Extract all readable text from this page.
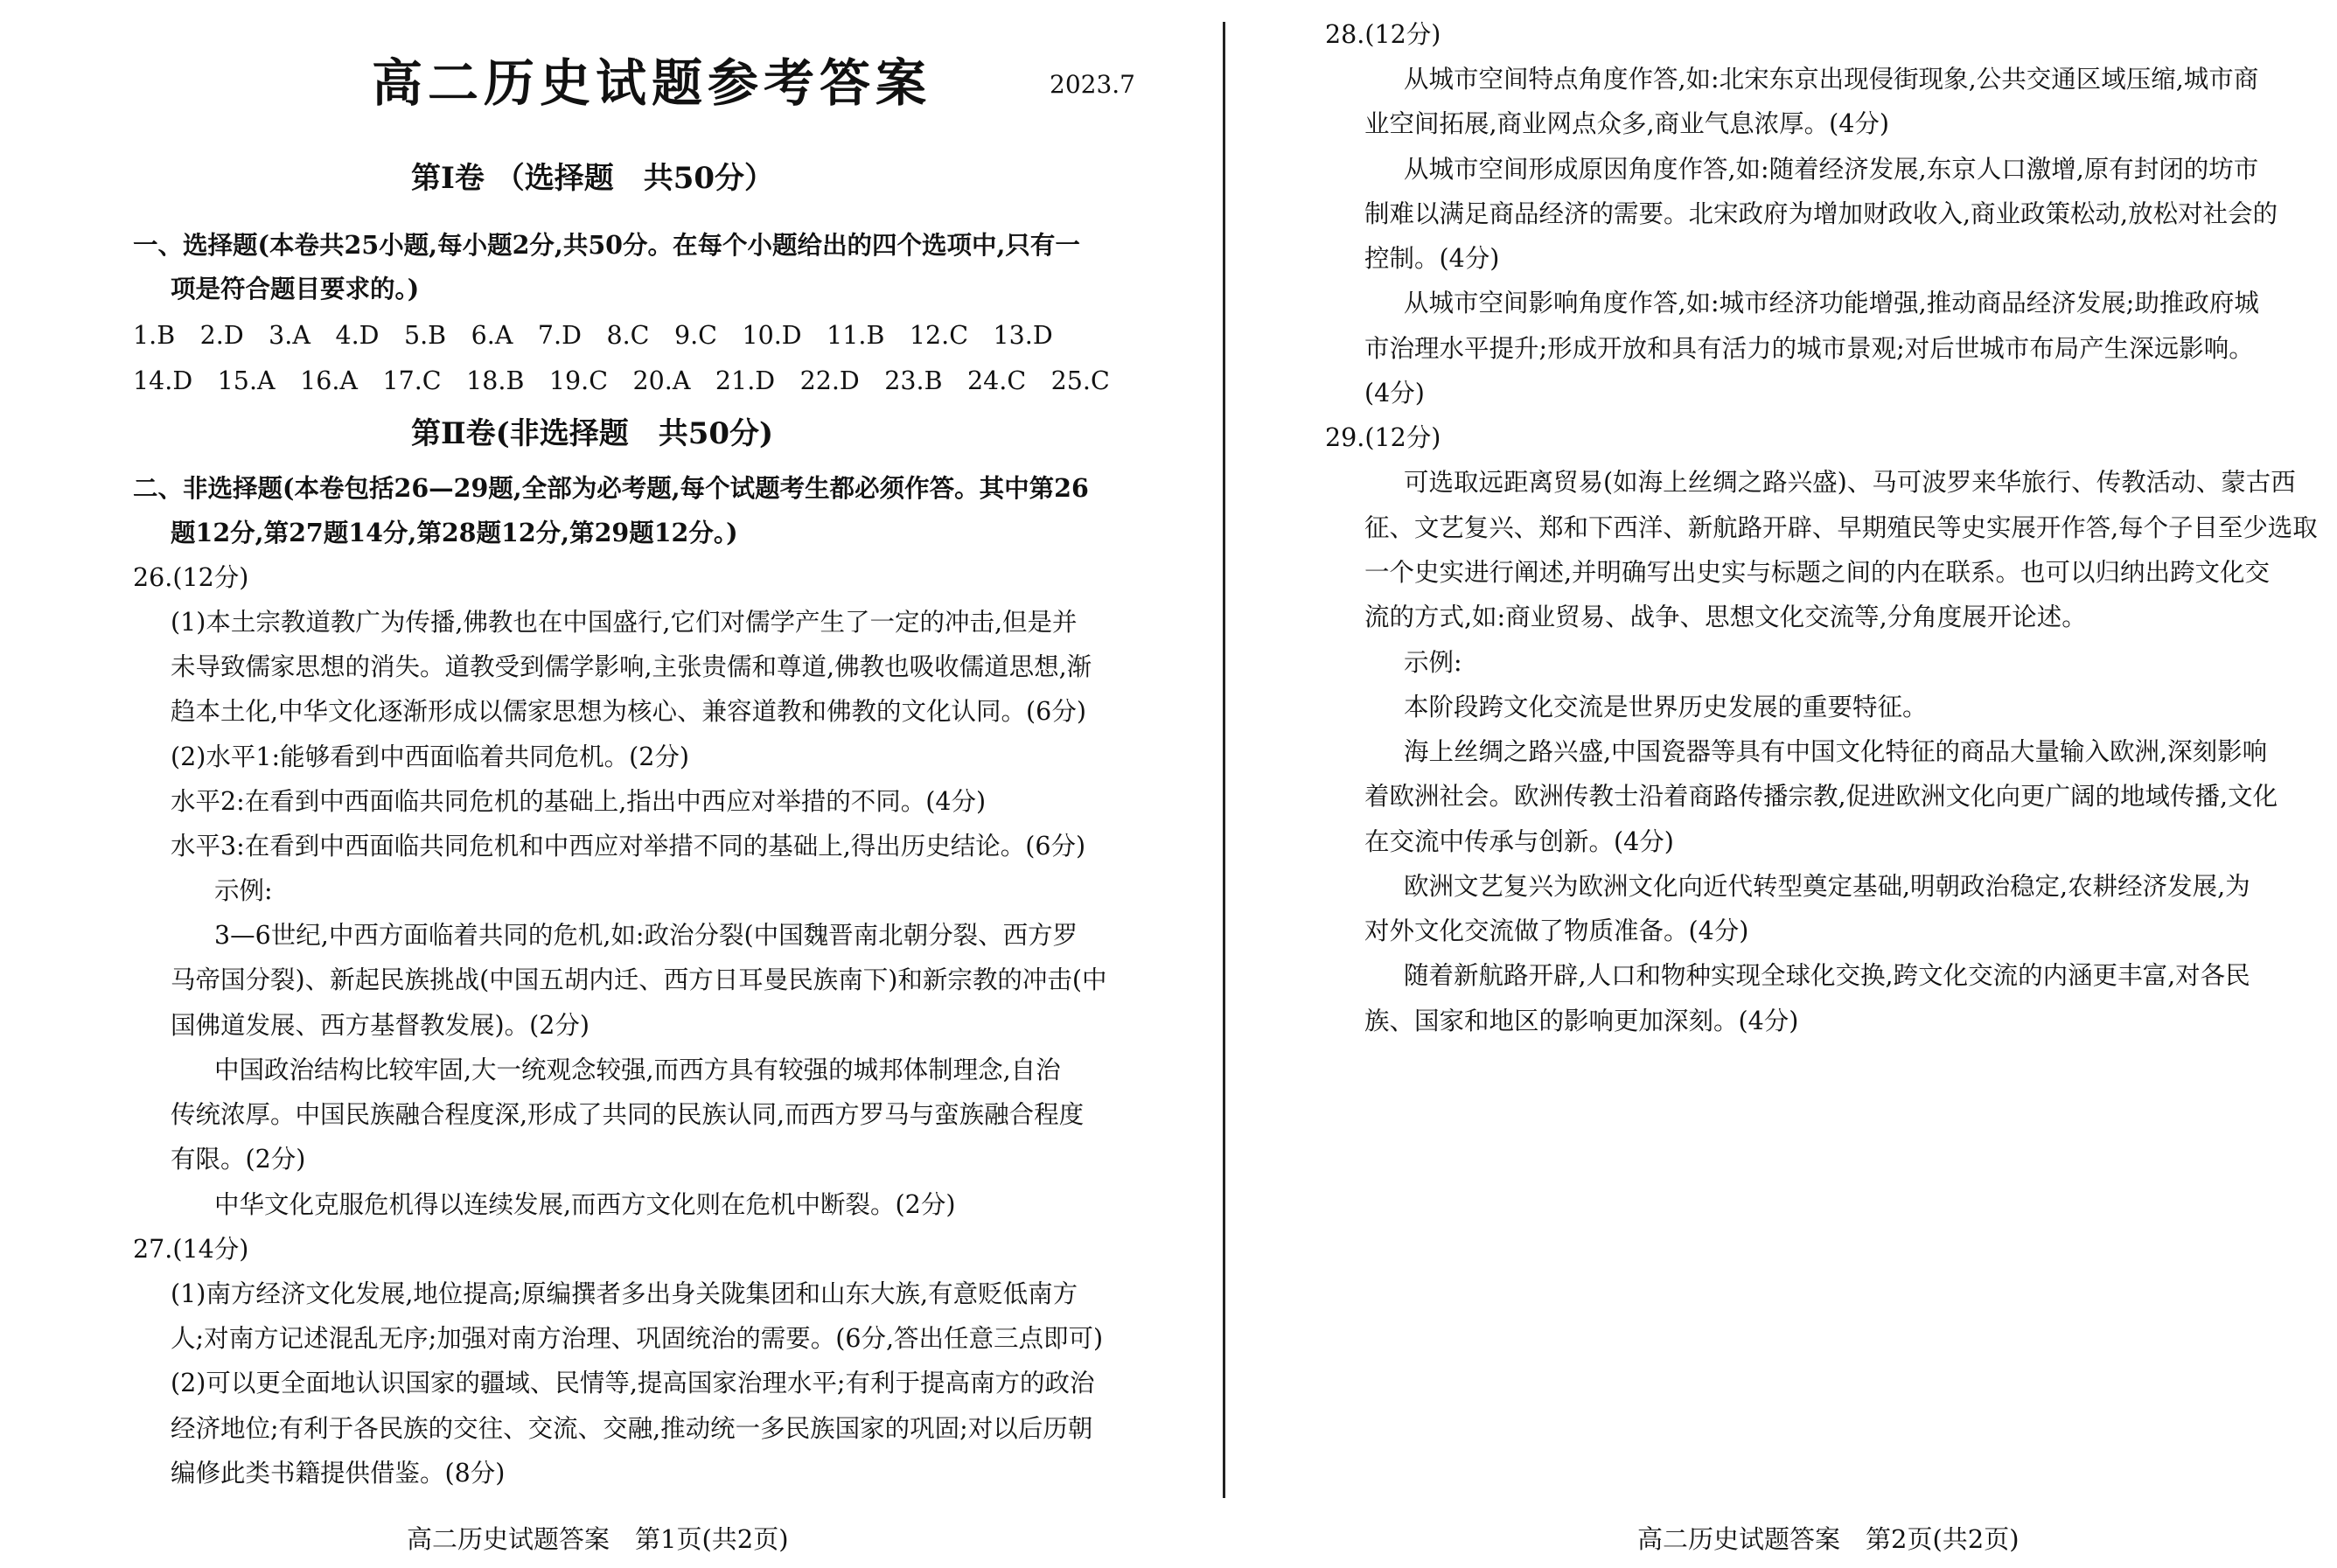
高二历史试题参考答案	2023.7
第Ⅰ卷 （选择题　共50分）
一、选择题(本卷共25小题,每小题2分,共50分。在每个小题给出的四个选项中,只有一
项是符合题目要求的。)
1.B　2.D　3.A　4.D　5.B　6.A　7.D　8.C　9.C　10.D　11.B　12.C　13.D
14.D　15.A　16.A　17.C　18.B　19.C　20.A　21.D　22.D　23.B　24.C　25.C
第Ⅱ卷(非选择题　共50分)
二、非选择题(本卷包括26—29题,全部为必考题,每个试题考生都必须作答。其中第26
题12分,第27题14分,第28题12分,第29题12分。)
26.(12分)
(1)本土宗教道教广为传播,佛教也在中国盛行,它们对儒学产生了一定的冲击,但是并
未导致儒家思想的消失。道教受到儒学影响,主张贵儒和尊道,佛教也吸收儒道思想,渐
趋本土化,中华文化逐渐形成以儒家思想为核心、兼容道教和佛教的文化认同。(6分)
(2)水平1:能够看到中西面临着共同危机。(2分)
水平2:在看到中西面临共同危机的基础上,指出中西应对举措的不同。(4分)
水平3:在看到中西面临共同危机和中西应对举措不同的基础上,得出历史结论。(6分)
示例:
3—6世纪,中西方面临着共同的危机,如:政治分裂(中国魏晋南北朝分裂、西方罗
马帝国分裂)、新起民族挑战(中国五胡内迁、西方日耳曼民族南下)和新宗教的冲击(中
国佛道发展、西方基督教发展)。(2分)
中国政治结构比较牢固,大一统观念较强,而西方具有较强的城邦体制理念,自治
传统浓厚。中国民族融合程度深,形成了共同的民族认同,而西方罗马与蛮族融合程度
有限。(2分)
中华文化克服危机得以连续发展,而西方文化则在危机中断裂。(2分)
27.(14分)
(1)南方经济文化发展,地位提高;原编撰者多出身关陇集团和山东大族,有意贬低南方
人;对南方记述混乱无序;加强对南方治理、巩固统治的需要。(6分,答出任意三点即可)
(2)可以更全面地认识国家的疆域、民情等,提高国家治理水平;有利于提高南方的政治
经济地位;有利于各民族的交往、交流、交融,推动统一多民族国家的巩固;对以后历朝
编修此类书籍提供借鉴。(8分)
高二历史试题答案　第1页(共2页)
28.(12分)
从城市空间特点角度作答,如:北宋东京出现侵街现象,公共交通区域压缩,城市商
业空间拓展,商业网点众多,商业气息浓厚。(4分)
从城市空间形成原因角度作答,如:随着经济发展,东京人口激增,原有封闭的坊市
制难以满足商品经济的需要。北宋政府为增加财政收入,商业政策松动,放松对社会的
控制。(4分)
从城市空间影响角度作答,如:城市经济功能增强,推动商品经济发展;助推政府城
市治理水平提升;形成开放和具有活力的城市景观;对后世城市布局产生深远影响。
(4分)
29.(12分)
可选取远距离贸易(如海上丝绸之路兴盛)、马可波罗来华旅行、传教活动、蒙古西
征、文艺复兴、郑和下西洋、新航路开辟、早期殖民等史实展开作答,每个子目至少选取
一个史实进行阐述,并明确写出史实与标题之间的内在联系。也可以归纳出跨文化交
流的方式,如:商业贸易、战争、思想文化交流等,分角度展开论述。
示例:
本阶段跨文化交流是世界历史发展的重要特征。
海上丝绸之路兴盛,中国瓷器等具有中国文化特征的商品大量输入欧洲,深刻影响
着欧洲社会。欧洲传教士沿着商路传播宗教,促进欧洲文化向更广阔的地域传播,文化
在交流中传承与创新。(4分)
欧洲文艺复兴为欧洲文化向近代转型奠定基础,明朝政治稳定,农耕经济发展,为
对外文化交流做了物质准备。(4分)
随着新航路开辟,人口和物种实现全球化交换,跨文化交流的内涵更丰富,对各民
族、国家和地区的影响更加深刻。(4分)
高二历史试题答案　第2页(共2页)
